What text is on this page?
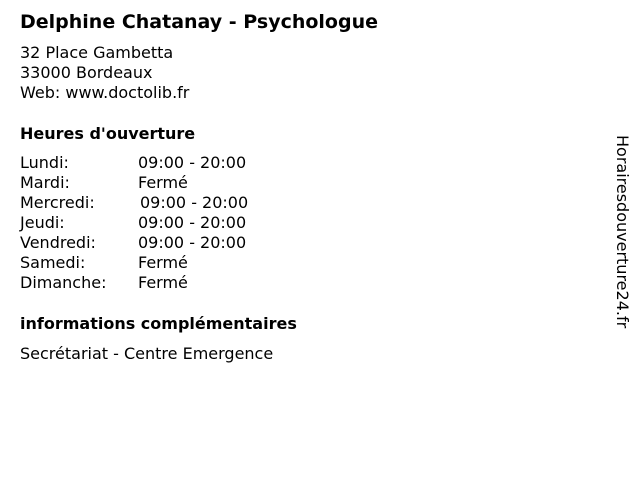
Delphine Chatanay - Psychologue
32 Place Gambetta
33000 Bordeaux
Web: www.doctolib.fr
Heures d'ouverture
Lundi:	09:00 - 20:00
Mardi:	Fermé
Mercredi:	09:00 - 20:00
Jeudi:	09:00 - 20:00
Vendredi:	09:00 - 20:00
Samedi:	Fermé
Dimanche: Fermé
informations complémentaires
Secrétariat - Centre Emergence
Horairesdouverture24.fr
